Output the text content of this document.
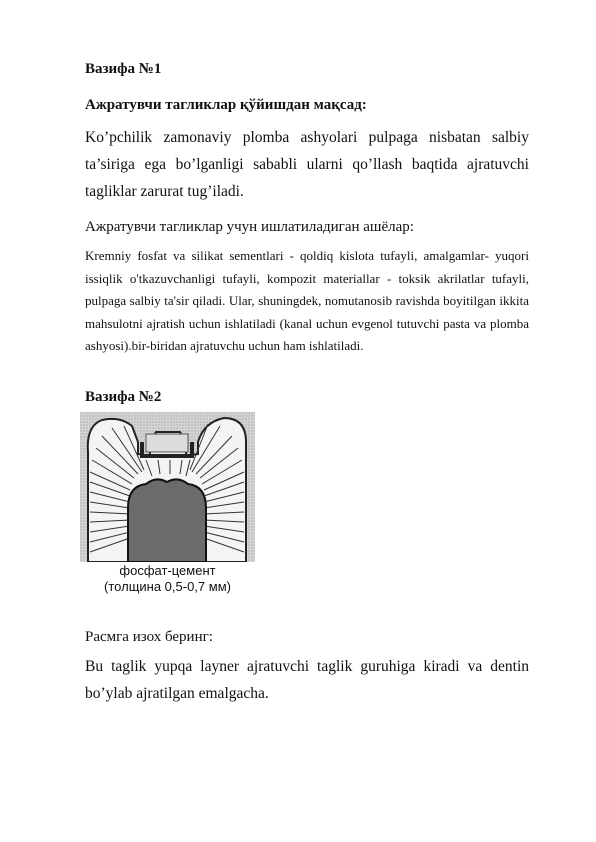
Вазифа №1

Ажратувчи тагликлар қўйишдан мақсад:

Ko’pchilik zamonaviy plomba ashyolari pulpaga nisbatan salbiy ta’siriga ega bo’lganligi sababli ularni qo’llash baqtida ajratuvchi tagliklar zarurat tug’iladi.

Ажратувчи тагликлар учун ишлатиладиган ашёлар:

Kremniy fosfat va silikat sementlari - qoldiq kislota tufayli, amalgamlar- yuqori issiqlik o'tkazuvchanligi tufayli, kompozit materiallar - toksik akrilatlar tufayli, pulpaga salbiy ta'sir qiladi. Ular, shuningdek, nomutanosib ravishda boyitilgan ikkita mahsulotni ajratish uchun ishlatiladi (kanal uchun evgenol tutuvchi pasta va plomba ashyosi).bir-biridan ajratuvchu uchun ham ishlatiladi.

Вазифа №2

фосфат-цемент
(толщина 0,5-0,7 мм)

Расмга изох беринг:

Bu taglik yupqa layner ajratuvchi taglik guruhiga kiradi va dentin bo’ylab ajratilgan emalgacha.
